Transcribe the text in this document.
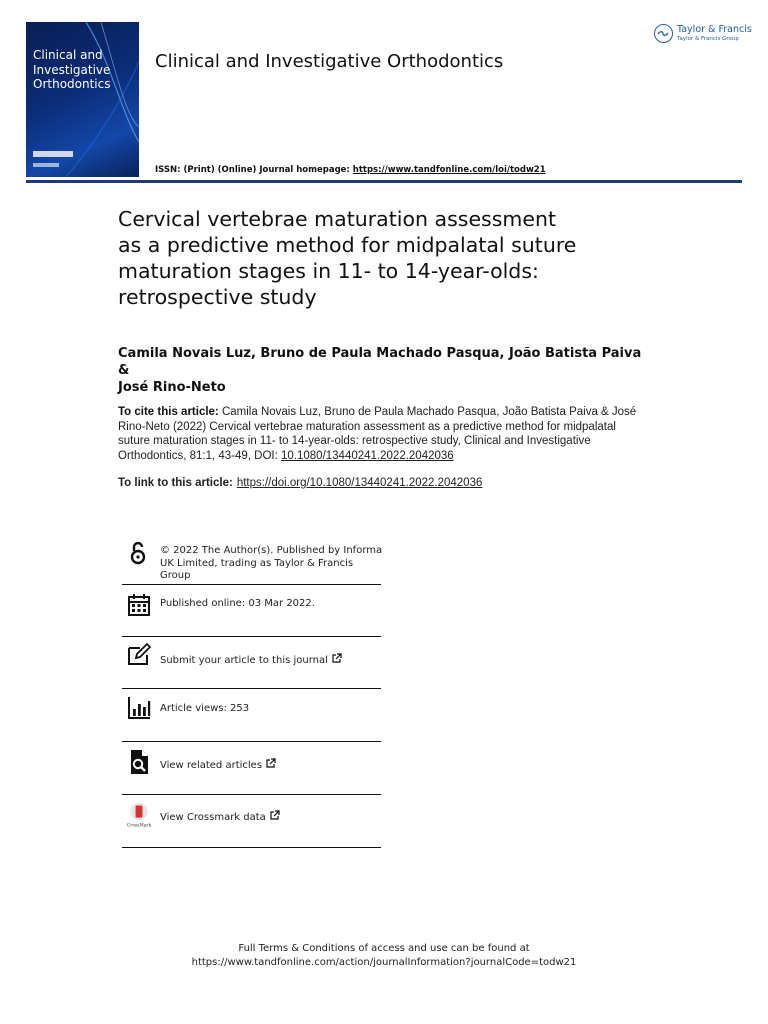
Clinical and
Investigative
Orthodontics
Clinical and Investigative Orthodontics
Taylor & Francis
Taylor & Francis Group
ISSN: (Print) (Online) Journal homepage: https://www.tandfonline.com/loi/todw21
Cervical vertebrae maturation assessment
as a predictive method for midpalatal suture
maturation stages in 11- to 14-year-olds:
retrospective study
Camila Novais Luz, Bruno de Paula Machado Pasqua, João Batista Paiva &
José Rino-Neto
To cite this article: Camila Novais Luz, Bruno de Paula Machado Pasqua, João Batista Paiva & José Rino-Neto (2022) Cervical vertebrae maturation assessment as a predictive method for midpalatal suture maturation stages in 11- to 14-year-olds: retrospective study, Clinical and Investigative Orthodontics, 81:1, 43-49, DOI: 10.1080/13440241.2022.2042036
To link to this article: https://doi.org/10.1080/13440241.2022.2042036
© 2022 The Author(s). Published by Informa UK Limited, trading as Taylor & Francis Group
Published online: 03 Mar 2022.
Submit your article to this journal
Article views: 253
View related articles
CrossMark
View Crossmark data
Full Terms & Conditions of access and use can be found at
https://www.tandfonline.com/action/journalInformation?journalCode=todw21
